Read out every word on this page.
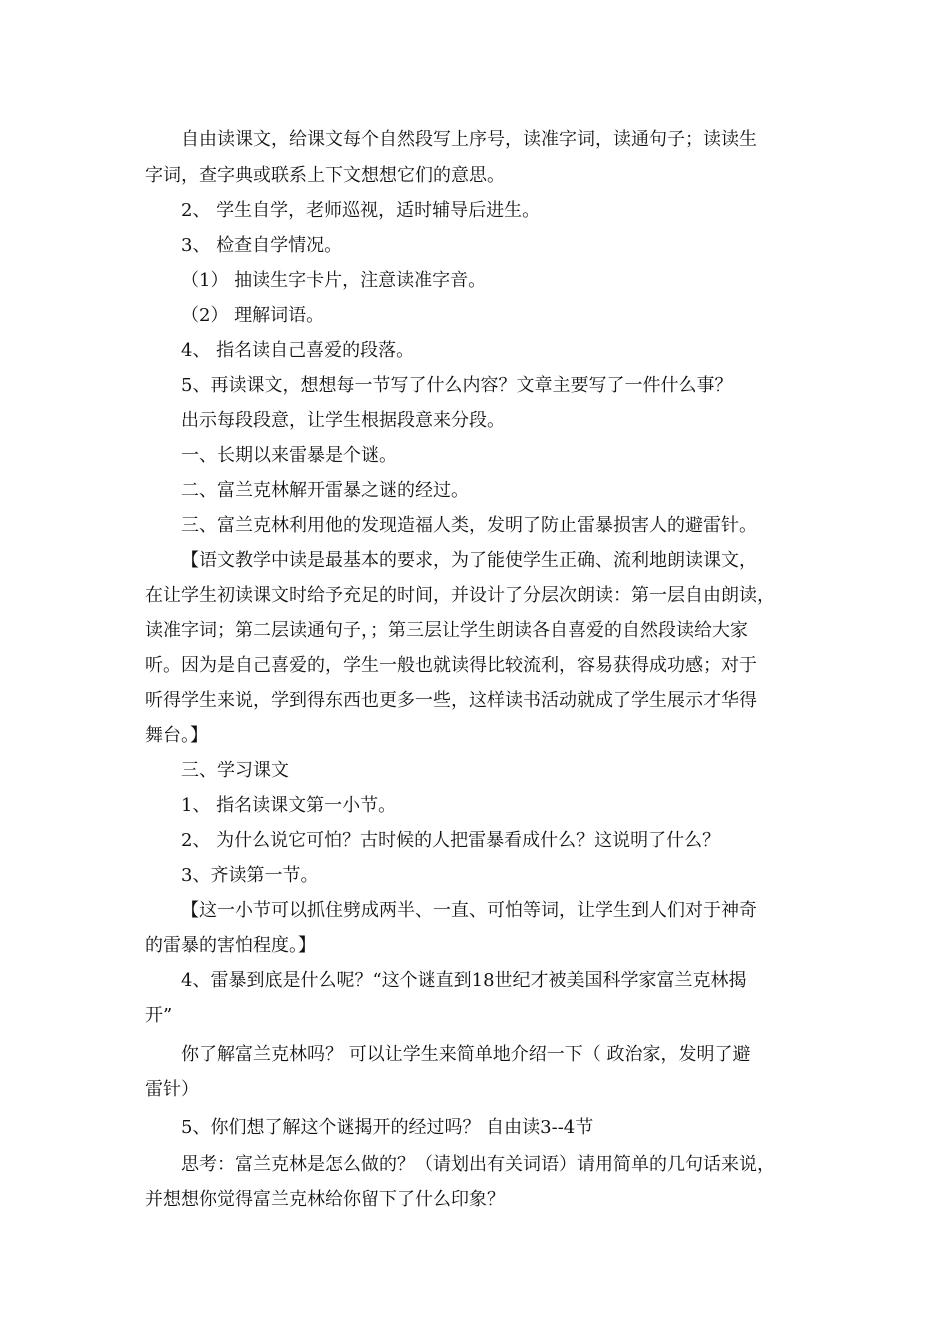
自由读课文，给课文每个自然段写上序号，读准字词，读通句子；读读生
字词，查字典或联系上下文想想它们的意思。
2、 学生自学，老师巡视，适时辅导后进生。
3、 检查自学情况。
（1） 抽读生字卡片，注意读准字音。
（2） 理解词语。
4、 指名读自己喜爱的段落。
5、再读课文，想想每一节写了什么内容？文章主要写了一件什么事？
出示每段段意，让学生根据段意来分段。
一、长期以来雷暴是个谜。
二、富兰克林解开雷暴之谜的经过。
三、富兰克林利用他的发现造福人类，发明了防止雷暴损害人的避雷针。
【语文教学中读是最基本的要求，为了能使学生正确、流利地朗读课文，
在让学生初读课文时给予充足的时间，并设计了分层次朗读：第一层自由朗读，
读准字词；第二层读通句子，；第三层让学生朗读各自喜爱的自然段读给大家
听。因为是自己喜爱的，学生一般也就读得比较流利，容易获得成功感；对于
听得学生来说，学到得东西也更多一些，这样读书活动就成了学生展示才华得
舞台。】
三、学习课文
1、 指名读课文第一小节。
2、 为什么说它可怕？古时候的人把雷暴看成什么？这说明了什么？
3、齐读第一节。
【这一小节可以抓住劈成两半、一直、可怕等词，让学生到人们对于神奇
的雷暴的害怕程度。】
4、雷暴到底是什么呢？“这个谜直到18世纪才被美国科学家富兰克林揭
开”
你了解富兰克林吗？ 可以让学生来简单地介绍一下（ 政治家，发明了避
雷针）
5、你们想了解这个谜揭开的经过吗？ 自由读3--4节
思考：富兰克林是怎么做的？（请划出有关词语）请用简单的几句话来说，
并想想你觉得富兰克林给你留下了什么印象？
